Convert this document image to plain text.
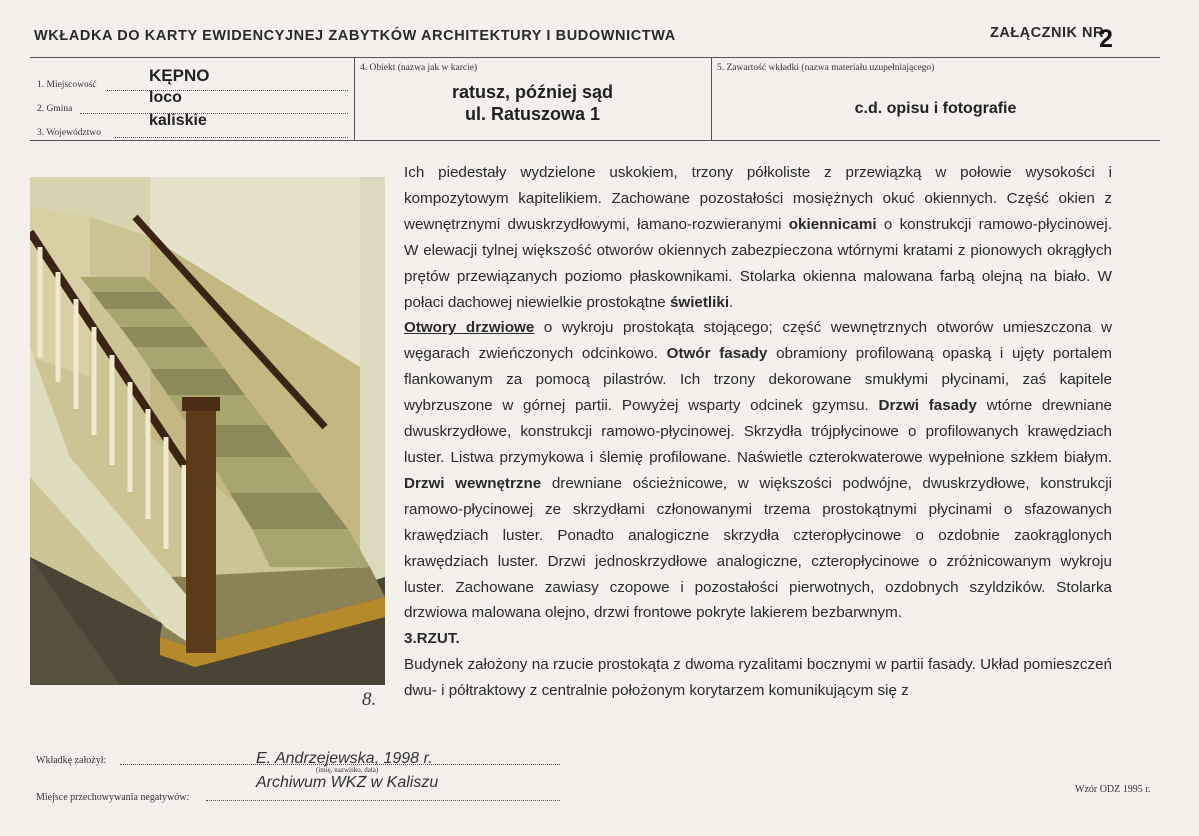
WKŁADKA DO KARTY EWIDENCYJNEJ ZABYTKÓW ARCHITEKTURY I BUDOWNICTWA	ZAŁĄCZNIK NR
2
1. Miejscowość	KĘPNO
2. Gmina
loco
3. Województwo
kaliskie
4. Obiekt (nazwa jak w karcie)
ratusz, później sąd
ul. Ratuszowa 1
5. Zawartość wkładki (nazwa materiału uzupełniającego)
c.d. opisu i fotografie
8.
Ich piedestały wydzielone uskokiem, trzony półkoliste z przewiązką w połowie wysokości i kompozytowym kapitelikiem. Zachowane pozostałości mosiężnych okuć okiennych. Część okien z wewnętrznymi dwuskrzydłowymi, łamano-rozwieranymi okiennicami o konstrukcji ramowo-płycinowej. W elewacji tylnej większość otworów okiennych zabezpieczona wtórnymi kratami z pionowych okrągłych prętów przewiązanych poziomo płaskownikami. Stolarka okienna malowana farbą olejną na biało. W połaci dachowej niewielkie prostokątne świetliki.
Otwory drzwiowe o wykroju prostokąta stojącego; część wewnętrznych otworów umieszczona w węgarach zwieńczonych odcinkowo. Otwór fasady obramiony profilowaną opaską i ujęty portalem flankowanym za pomocą pilastrów. Ich trzony dekorowane smukłymi płycinami, zaś kapitele wybrzuszone w górnej partii. Powyżej wsparty odcinek gzymsu. Drzwi fasady wtórne drewniane dwuskrzydłowe, konstrukcji ramowo-płycinowej. Skrzydła trójpłycinowe o profilowanych krawędziach luster. Listwa przymykowa i ślemię profilowane. Naświetle czterokwaterowe wypełnione szkłem białym. Drzwi wewnętrzne drewniane ościeżnicowe, w większości podwójne, dwuskrzydłowe, konstrukcji ramowo-płycinowej ze skrzydłami członowanymi trzema prostokątnymi płycinami o sfazowanych krawędziach luster. Ponadto analogiczne skrzydła czteropłycinowe o ozdobnie zaokrąglonych krawędziach luster. Drzwi jednoskrzydłowe analogiczne, czteropłycinowe o zróżnicowanym wykroju luster. Zachowane zawiasy czopowe i pozostałości pierwotnych, ozdobnych szyldzików. Stolarka drzwiowa malowana olejno, drzwi frontowe pokryte lakierem bezbarwnym.
3.RZUT.
Budynek założony na rzucie prostokąta z dwoma ryzalitami bocznymi w partii fasady. Układ pomieszczeń dwu- i półtraktowy z centralnie położonym korytarzem komunikującym się z
Wkładkę założył:	E. Andrzejewska, 1998 r.
(imię, nazwisko, data)
Miejsce przechowywania negatywów:
Archiwum WKZ w Kaliszu	Wzór ODZ 1995 r.
